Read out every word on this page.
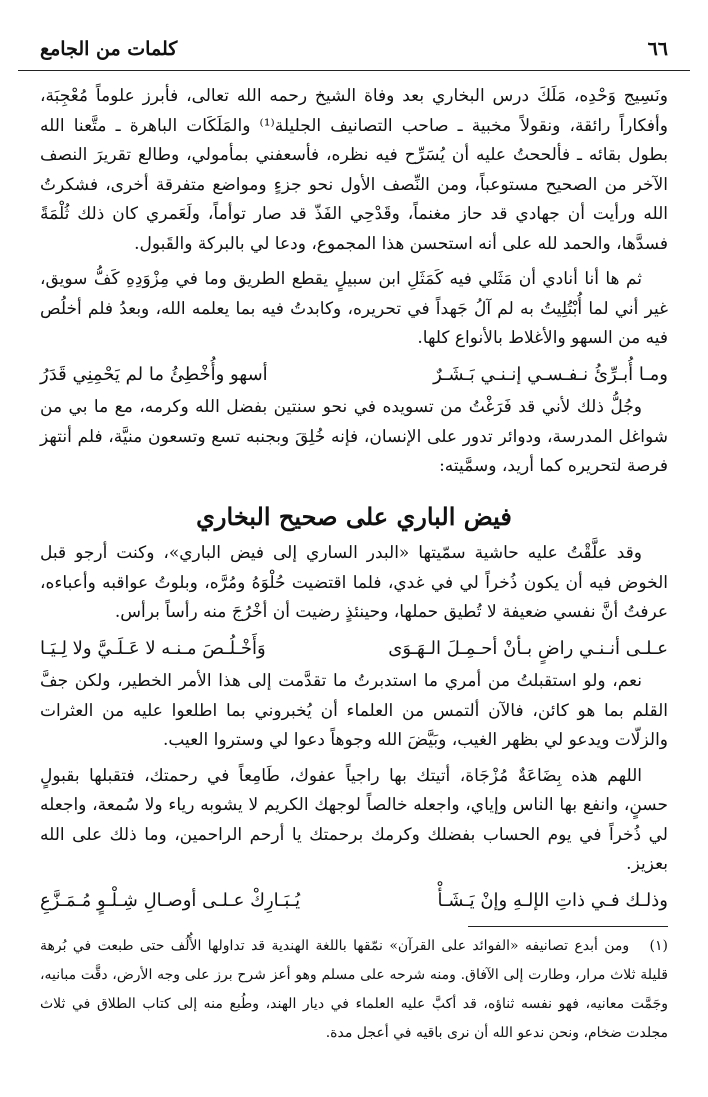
كلمات من الجامع	٦٦

ونَسِيج وَحْدِه، مَلَكَ درس البخاري بعد وفاة الشيخ رحمه الله تعالى، فأبرز علوماً مُعْجِبَة، وأفكاراً رائقة، ونقولاً مخبية ـ صاحب التصانيف الجليلة⁽¹⁾ والمَلَكَات الباهرة ـ متَّعنا الله بطول بقائه ـ فألححتُ عليه أن يُسَرِّح فيه نظره، فأسعفني بمأمولي، وطالع تقريرَ النصف الآخر من الصحيح مستوعباً، ومن النِّصف الأول نحو جزءٍ ومواضع متفرقة أخرى، فشكرتُ الله ورأيت أن جهادي قد حاز مغنماً، وقَدْحِي الفَذّ قد صار توأماً، ولَعَمري كان ذلك ثُلْمَةً فسدَّها، والحمد لله على أنه استحسن هذا المجموع، ودعا لي بالبركة والقَبول.

ثم ها أنا أنادي أن مَثَلي فيه كَمَثَلِ ابن سبيلٍ يقطع الطريق وما في مِزْوَدِهِ كَفُّ سويق، غير أني لما أُبْتُلِيتُ به لم آلُ جَهداً في تحريره، وكابدتُ فيه بما يعلمه الله، وبعدُ فلم أخلُص فيه من السهو والأغلاط بالأنواع كلها.

ومـا أُبـرِّئُ نـفـسـي إنـنـي بَـشَـرٌ
أسهو وأُخْطِئُ ما لم يَحْمِنِي قَدَرُ

وجُلُّ ذلك لأني قد فَرَغْتُ من تسويده في نحو سنتين بفضل الله وكرمه، مع ما بي من شواغل المدرسة، ودوائر تدور على الإنسان، فإنه خُلِقَ وبجنبه تسع وتسعون منيَّة، فلم أنتهز فرصة لتحريره كما أريد، وسمَّيته:

فيض الباري على صحيح البخاري

وقد علَّقْتُ عليه حاشية سمّيتها «البدر الساري إلى فيض الباري»، وكنت أرجو قبل الخوض فيه أن يكون ذُخراً لي في غدي، فلما اقتضيت حُلْوَهُ ومُرَّه، وبلوتُ عواقبه وأعباءه، عرفتُ أنَّ نفسي ضعيفة لا تُطيق حملها، وحينئذٍ رضيت أن أخْرُجَ منه رأساً برأس.

عـلـى أنـنـي راضٍ بـأنْ أحـمِـلَ الـهَـوَى
وَأَخْـلُـصَ مـنـه لا عَـلَـيَّ ولا لِـيَـا

نعم، ولو استقبلتُ من أمري ما استدبرتُ ما تقدَّمت إلى هذا الأمر الخطير، ولكن جفَّ القلم بما هو كائن، فالآن ألتمس من العلماء أن يُخبروني بما اطلعوا عليه من العثرات والزلّات ويدعو لي بظهر الغيب، وبَيَّضَ الله وجوهاً دعوا لي وستروا العيب.

اللهم هذه بِضَاعَةٌ مُزْجَاة، أتيتك بها راجياً عفوك، طَامِعاً في رحمتك، فتقبلها بقبولٍ حسنٍ، وانفع بها الناس وإياي، واجعله خالصاً لوجهك الكريم لا يشوبه رياء ولا سُمعة، واجعله لي ذُخراً في يوم الحساب بفضلك وكرمك برحمتك يا أرحم الراحمين، وما ذلك على الله بعزيز.

وذلـك فـي ذاتِ الإلـهِ وإنْ يَـشَـأْ
يُـبَـارِكْ عـلـى أوصـالِ شِـلْـوٍ مُـمَـزَّعِ
(١) ومن أبدع تصانيفه «الفوائد على القرآن» نمّقها باللغة الهندية قد تداولها الأُلُف حتى طبعت في بُرهة قليلة ثلاث مرار، وطارت إلى الآفاق. ومنه شرحه على مسلم وهو أعز شرح برز على وجه الأرض، دقَّت مبانيه، وجَمَّت معانيه، فهو نفسه ثناؤه، قد أكبَّ عليه العلماء في ديار الهند، وطُبع منه إلى كتاب الطلاق في ثلاث مجلدت ضخام، ونحن ندعو الله أن نرى باقيه في أعجل مدة.
